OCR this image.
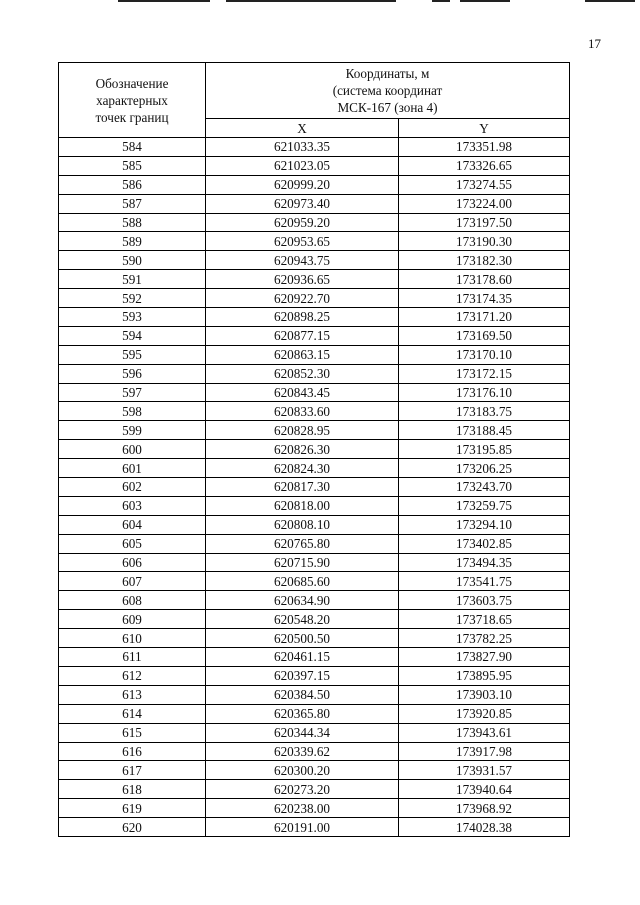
17
Обозначение
характерных
точек границ	Координаты, м
(система координат
МСК-167 (зона 4)	

	X	Y
584	621033.35	173351.98
585	621023.05	173326.65
586	620999.20	173274.55
587	620973.40	173224.00
588	620959.20	173197.50
589	620953.65	173190.30
590	620943.75	173182.30
591	620936.65	173178.60
592	620922.70	173174.35
593	620898.25	173171.20
594	620877.15	173169.50
595	620863.15	173170.10
596	620852.30	173172.15
597	620843.45	173176.10
598	620833.60	173183.75
599	620828.95	173188.45
600	620826.30	173195.85
601	620824.30	173206.25
602	620817.30	173243.70
603	620818.00	173259.75
604	620808.10	173294.10
605	620765.80	173402.85
606	620715.90	173494.35
607	620685.60	173541.75
608	620634.90	173603.75
609	620548.20	173718.65
610	620500.50	173782.25
611	620461.15	173827.90
612	620397.15	173895.95
613	620384.50	173903.10
614	620365.80	173920.85
615	620344.34	173943.61
616	620339.62	173917.98
617	620300.20	173931.57
618	620273.20	173940.64
619	620238.00	173968.92
620	620191.00	174028.38
